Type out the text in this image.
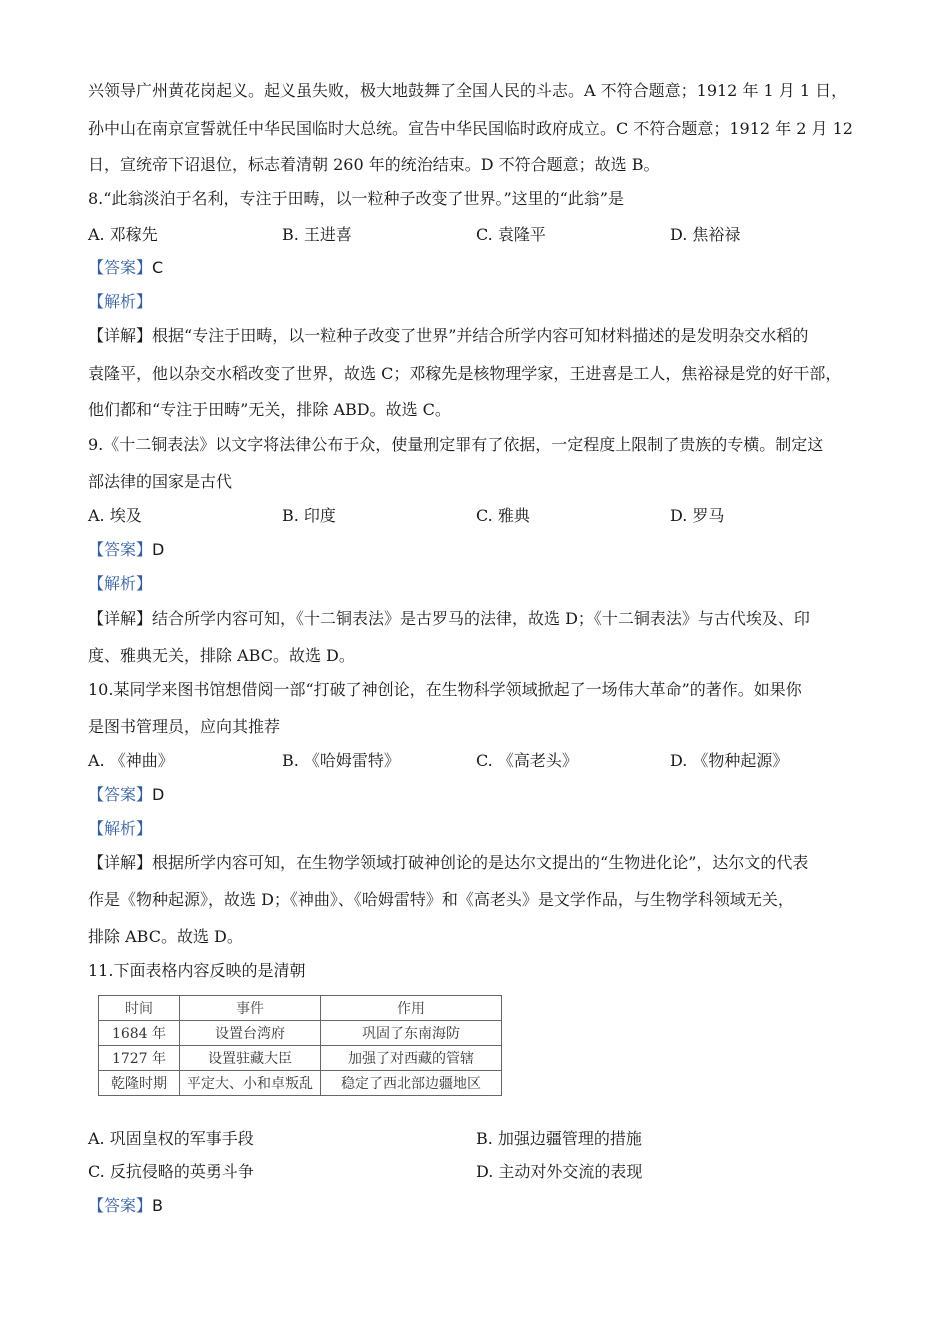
兴领导广州黄花岗起义。起义虽失败，极大地鼓舞了全国人民的斗志。A 不符合题意；1912 年 1 月 1 日，
孙中山在南京宣誓就任中华民国临时大总统。宣告中华民国临时政府成立。C 不符合题意；1912 年 2 月 12
日，宣统帝下诏退位，标志着清朝 260 年的统治结束。D 不符合题意；故选 B。
8.“此翁淡泊于名利，专注于田畴，以一粒种子改变了世界。”这里的“此翁”是
A. 邓稼先	B. 王进喜	C. 袁隆平	D. 焦裕禄
【答案】C
【解析】
【详解】根据“专注于田畴，以一粒种子改变了世界”并结合所学内容可知材料描述的是发明杂交水稻的
袁隆平，他以杂交水稻改变了世界，故选 C；邓稼先是核物理学家，王进喜是工人，焦裕禄是党的好干部，
他们都和“专注于田畴”无关，排除 ABD。故选 C。
9.《十二铜表法》以文字将法律公布于众，使量刑定罪有了依据，一定程度上限制了贵族的专横。制定这
部法律的国家是古代
A. 埃及	B. 印度	C. 雅典	D. 罗马
【答案】D
【解析】
【详解】结合所学内容可知，《十二铜表法》是古罗马的法律，故选 D；《十二铜表法》与古代埃及、印
度、雅典无关，排除 ABC。故选 D。
10.某同学来图书馆想借阅一部“打破了神创论，在生物科学领域掀起了一场伟大革命”的著作。如果你
是图书管理员，应向其推荐
A. 《神曲》	B. 《哈姆雷特》	C. 《高老头》	D. 《物种起源》
【答案】D
【解析】
【详解】根据所学内容可知，在生物学领域打破神创论的是达尔文提出的“生物进化论”，达尔文的代表
作是《物种起源》，故选 D；《神曲》、《哈姆雷特》和《高老头》是文学作品，与生物学科领域无关，
排除 ABC。故选 D。
11.下面表格内容反映的是清朝
时间	事件	作用
1684 年	设置台湾府	巩固了东南海防
1727 年	设置驻藏大臣	加强了对西藏的管辖
乾隆时期	平定大、小和卓叛乱	稳定了西北部边疆地区
A. 巩固皇权的军事手段	B. 加强边疆管理的措施
C. 反抗侵略的英勇斗争	D. 主动对外交流的表现
【答案】B
